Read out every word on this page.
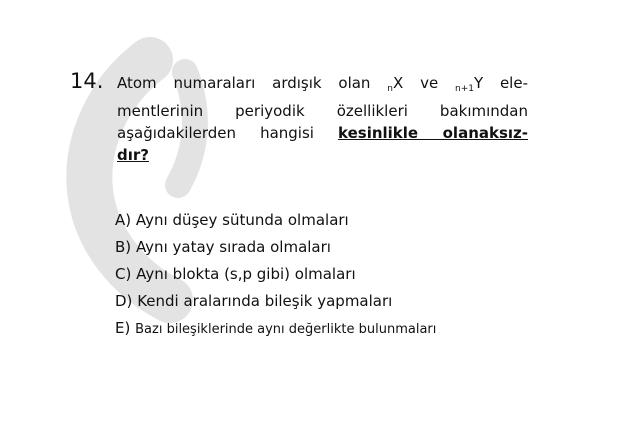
14. Atom numaraları ardışık olan $_n$X ve $_{n+1}$Y ele-
mentlerinin periyodik özellikleri bakımından
aşağıdakilerden hangisi kesinlikle olanaksız-
dır?
A) Aynı düşey sütunda olmaları
B) Aynı yatay sırada olmaları
C) Aynı blokta (s,p gibi) olmaları
D) Kendi aralarında bileşik yapmaları
E) Bazı bileşiklerinde aynı değerlikte bulunmaları
